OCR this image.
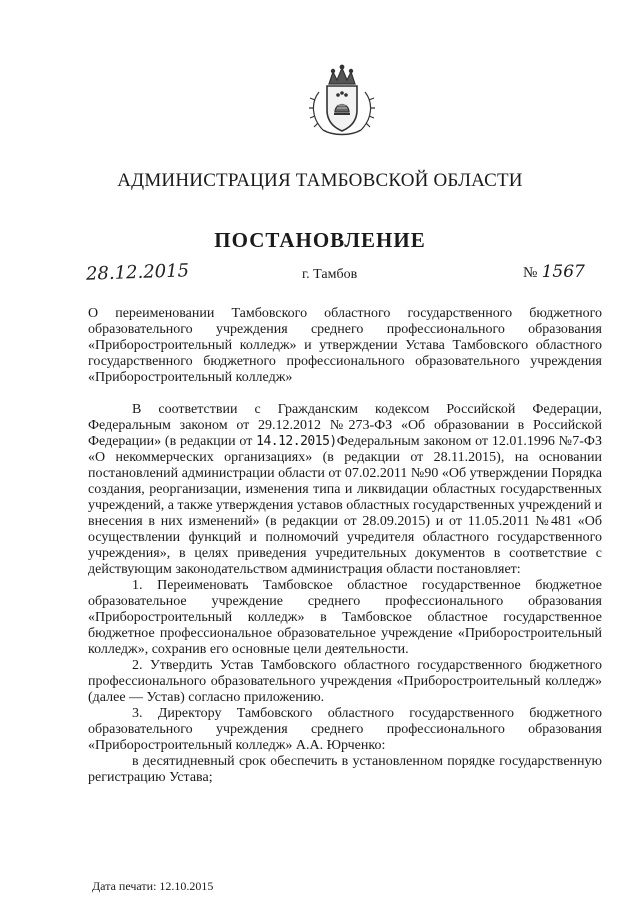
АДМИНИСТРАЦИЯ ТАМБОВСКОЙ ОБЛАСТИ
ПОСТАНОВЛЕНИЕ
28.12.2015	г. Тамбов	№ 1567
О переименовании Тамбовского областного государственного бюджетного образовательного учреждения среднего профессионального образования «Приборостроительный колледж» и утверждении Устава Тамбовского областного государственного бюджетного профессионального образовательного учреждения «Приборостроительный колледж»

В соответствии с Гражданским кодексом Российской Федерации, Федеральным законом от 29.12.2012 №273-ФЗ «Об образовании в Российской Федерации» (в редакции от 14.12.2015)Федеральным законом от 12.01.1996 №7-ФЗ «О некоммерческих организациях» (в редакции от 28.11.2015), на основании постановлений администрации области от 07.02.2011 №90 «Об утверждении Порядка создания, реорганизации, изменения типа и ликвидации областных государственных учреждений, а также утверждения уставов областных государственных учреждений и внесения в них изменений» (в редакции от 28.09.2015) и от 11.05.2011 №481 «Об осуществлении функций и полномочий учредителя областного государственного учреждения», в целях приведения учредительных документов в соответствие с действующим законодательством администрация области постановляет:

1. Переименовать Тамбовское областное государственное бюджетное образовательное учреждение среднего профессионального образования «Приборостроительный колледж» в Тамбовское областное государственное бюджетное профессиональное образовательное учреждение «Приборостроительный колледж», сохранив его основные цели деятельности.

2. Утвердить Устав Тамбовского областного государственного бюджетного профессионального образовательного учреждения «Приборостроительный колледж» (далее — Устав) согласно приложению.

3. Директору Тамбовского областного государственного бюджетного образовательного учреждения среднего профессионального образования «Приборостроительный колледж» А.А. Юрченко:

в десятидневный срок обеспечить в установленном порядке государственную регистрацию Устава;

Дата печати: 12.10.2015
